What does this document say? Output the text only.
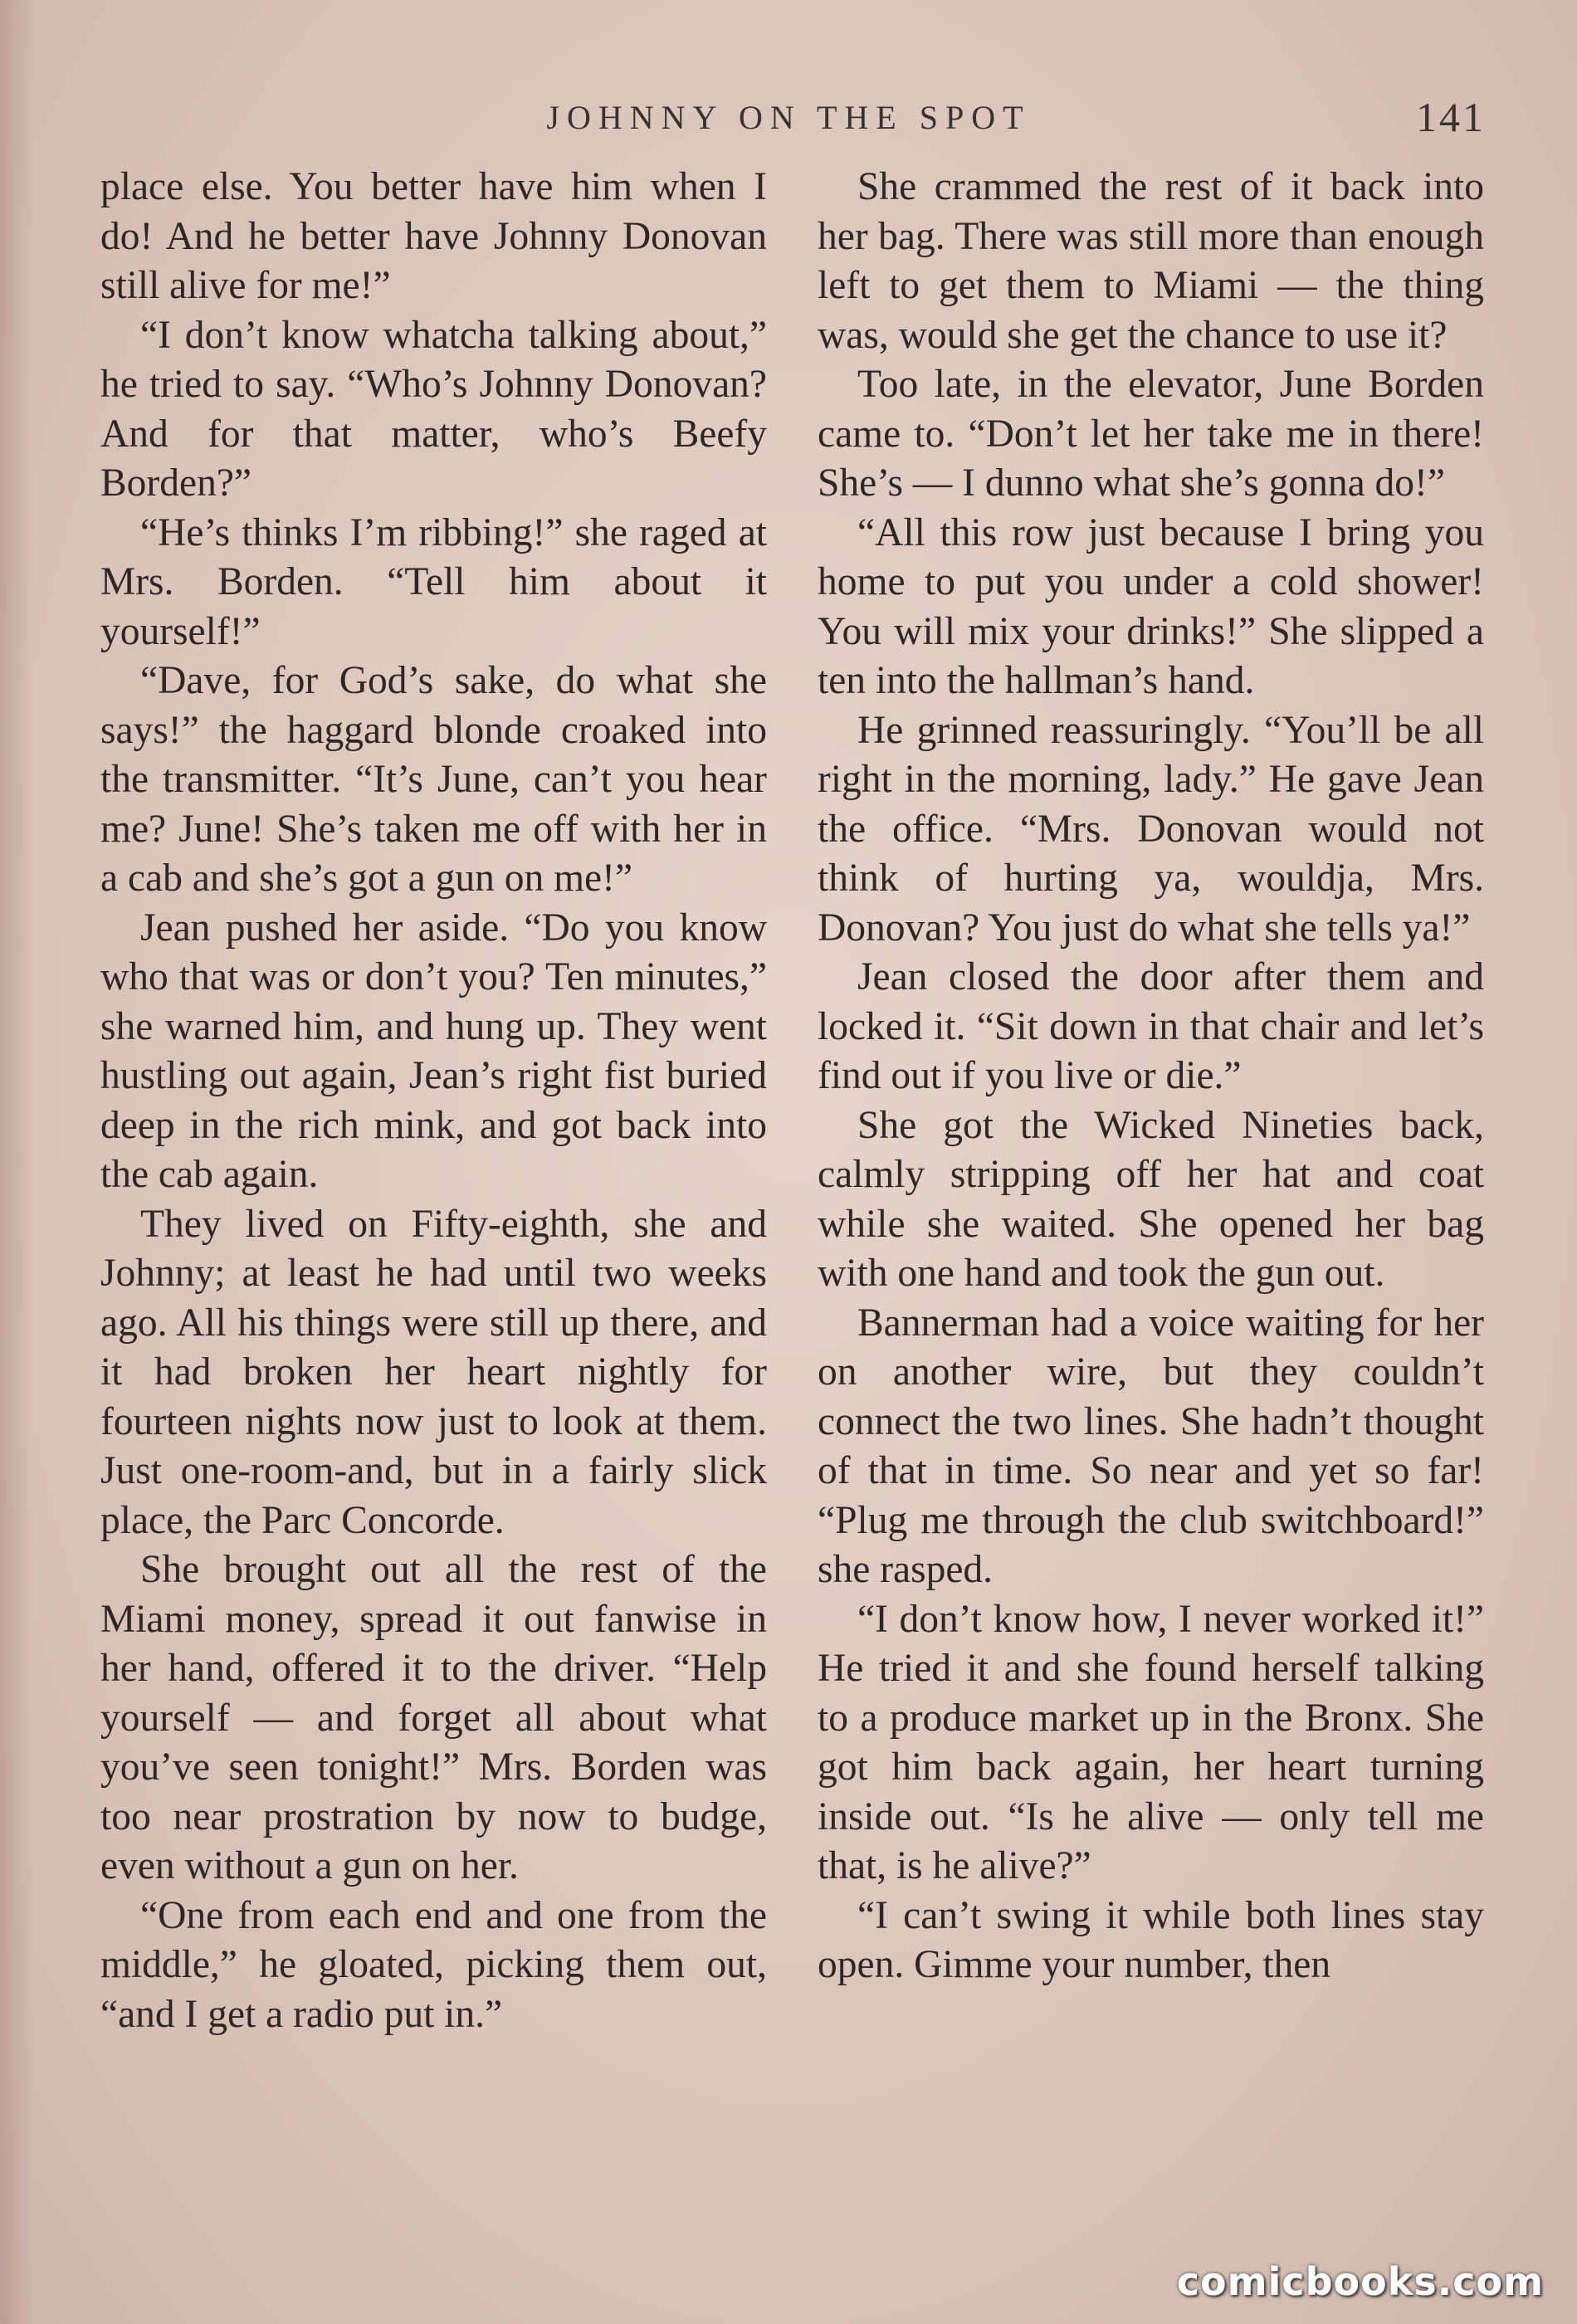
JOHNNY ON THE SPOT	141

place else. You better have him when I do! And he better have Johnny Donovan still alive for me!”

“I don’t know whatcha talking about,” he tried to say. “Who’s Johnny Donovan? And for that matter, who’s Beefy Borden?”

“He’s thinks I’m ribbing!” she raged at Mrs. Borden. “Tell him about it yourself!”

“Dave, for God’s sake, do what she says!” the haggard blonde croaked into the transmitter. “It’s June, can’t you hear me? June! She’s taken me off with her in a cab and she’s got a gun on me!”

Jean pushed her aside. “Do you know who that was or don’t you? Ten minutes,” she warned him, and hung up. They went hustling out again, Jean’s right fist buried deep in the rich mink, and got back into the cab again.

They lived on Fifty-eighth, she and Johnny; at least he had until two weeks ago. All his things were still up there, and it had broken her heart nightly for fourteen nights now just to look at them. Just one-room-and, but in a fairly slick place, the Parc Concorde.

She brought out all the rest of the Miami money, spread it out fanwise in her hand, offered it to the driver. “Help yourself — and forget all about what you’ve seen tonight!” Mrs. Borden was too near prostration by now to budge, even without a gun on her.

“One from each end and one from the middle,” he gloated, picking them out, “and I get a radio put in.”

She crammed the rest of it back into her bag. There was still more than enough left to get them to Miami — the thing was, would she get the chance to use it?

Too late, in the elevator, June Borden came to. “Don’t let her take me in there! She’s — I dunno what she’s gonna do!”

“All this row just because I bring you home to put you under a cold shower! You will mix your drinks!” She slipped a ten into the hallman’s hand.

He grinned reassuringly. “You’ll be all right in the morning, lady.” He gave Jean the office. “Mrs. Donovan would not think of hurting ya, wouldja, Mrs. Donovan? You just do what she tells ya!”

Jean closed the door after them and locked it. “Sit down in that chair and let’s find out if you live or die.”

She got the Wicked Nineties back, calmly stripping off her hat and coat while she waited. She opened her bag with one hand and took the gun out.

Bannerman had a voice waiting for her on another wire, but they couldn’t connect the two lines. She hadn’t thought of that in time. So near and yet so far! “Plug me through the club switchboard!” she rasped.

“I don’t know how, I never worked it!” He tried it and she found herself talking to a produce market up in the Bronx. She got him back again, her heart turning inside out. “Is he alive — only tell me that, is he alive?”

“I can’t swing it while both lines stay open. Gimme your number, then

comicbooks.com
